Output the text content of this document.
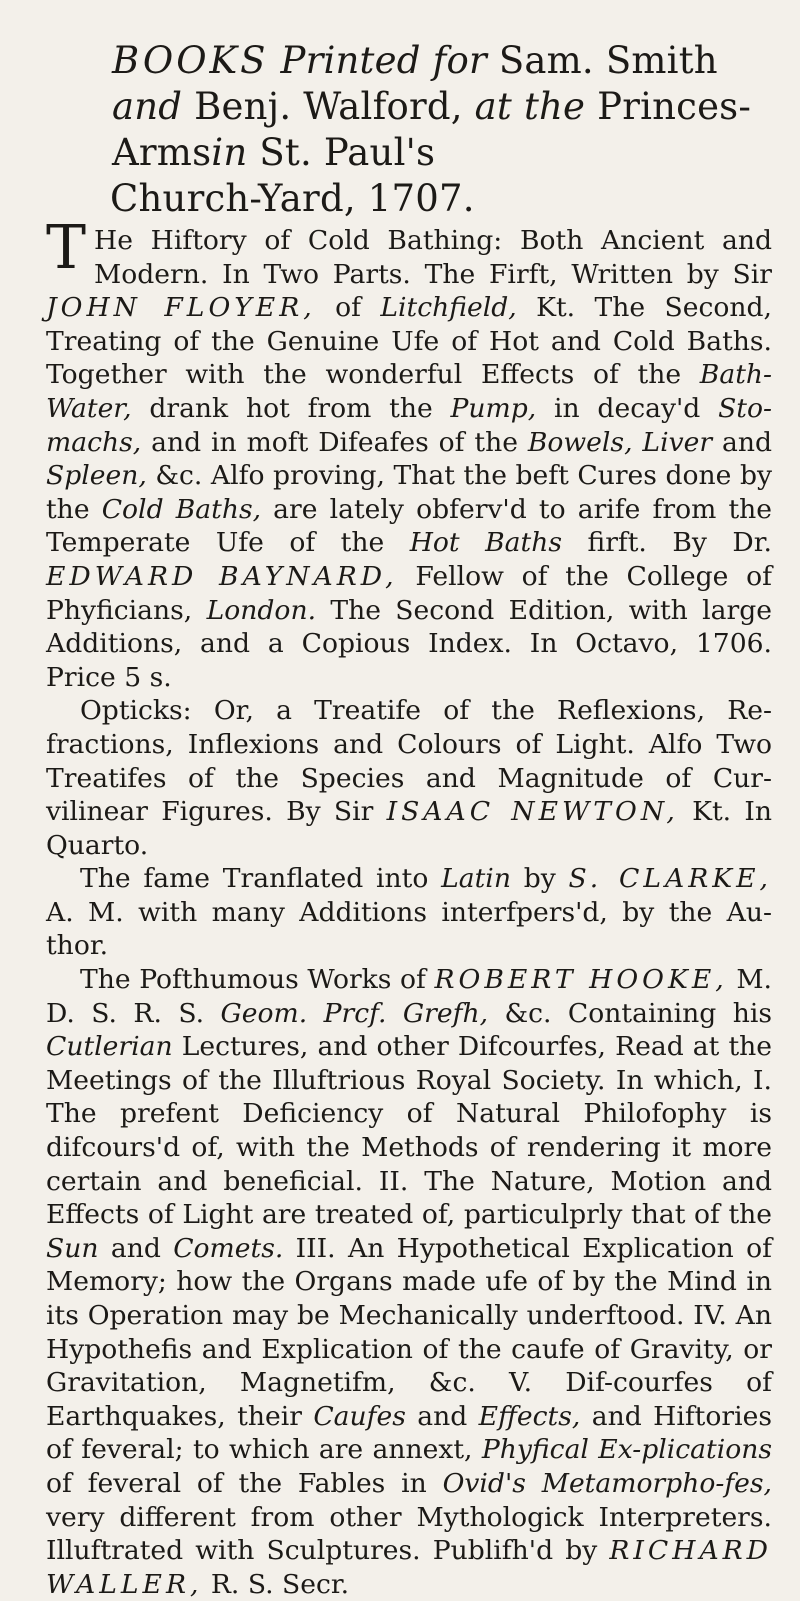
BOOKS Printed for Sam. Smith and Benj. Walford, at the Princes-Armsin St. Paul's
Church-Yard, 1707.

T He Hiftory of Cold Bathing: Both Ancient and Modern. In Two Parts. The Firft, Written by Sir JOHN FLOYER, of Litchfield, Kt. The Second, Treating of the Genuine Ufe of Hot and Cold Baths. Together with the wonderful Effects of the Bath-Water, drank hot from the Pump, in decay'd Sto-machs, and in moft Difeafes of the Bowels, Liver and Spleen, &c. Alfo proving, That the beft Cures done by the Cold Baths, are lately obferv'd to arife from the Temperate Ufe of the Hot Baths firft. By Dr. EDWARD BAYNARD, Fellow of the College of Phyficians, London. The Second Edition, with large Additions, and a Copious Index. In Octavo, 1706. Price 5 s.

Opticks: Or, a Treatife of the Reflexions, Re-fractions, Inflexions and Colours of Light. Alfo Two Treatifes of the Species and Magnitude of Cur-vilinear Figures. By Sir ISAAC NEWTON, Kt. In Quarto.

The fame Tranflated into Latin by S. CLARKE, A. M. with many Additions interfpers'd, by the Au-thor.

The Pofthumous Works of ROBERT HOOKE, M. D. S. R. S. Geom. Prcf. Grefh, &c. Containing his Cutlerian Lectures, and other Difcourfes, Read at the Meetings of the Illuftrious Royal Society. In which, I. The prefent Deficiency of Natural Philofophy is difcours'd of, with the Methods of rendering it more certain and beneficial. II. The Nature, Motion and Effects of Light are treated of, particulprly that of the Sun and Comets. III. An Hypothetical Explication of Memory; how the Organs made ufe of by the Mind in its Operation may be Mechanically underftood. IV. An Hypothefis and Explication of the caufe of Gravity, or Gravitation, Magnetifm, &c. V. Dif-courfes of Earthquakes, their Caufes and Effects, and Hiftories of feveral; to which are annext, Phyfical Ex-plications of feveral of the Fables in Ovid's Metamorpho-fes, very different from other Mythologick Interpreters. Illuftrated with Sculptures. Publifh'd by RICHARD WALLER, R. S. Secr.
